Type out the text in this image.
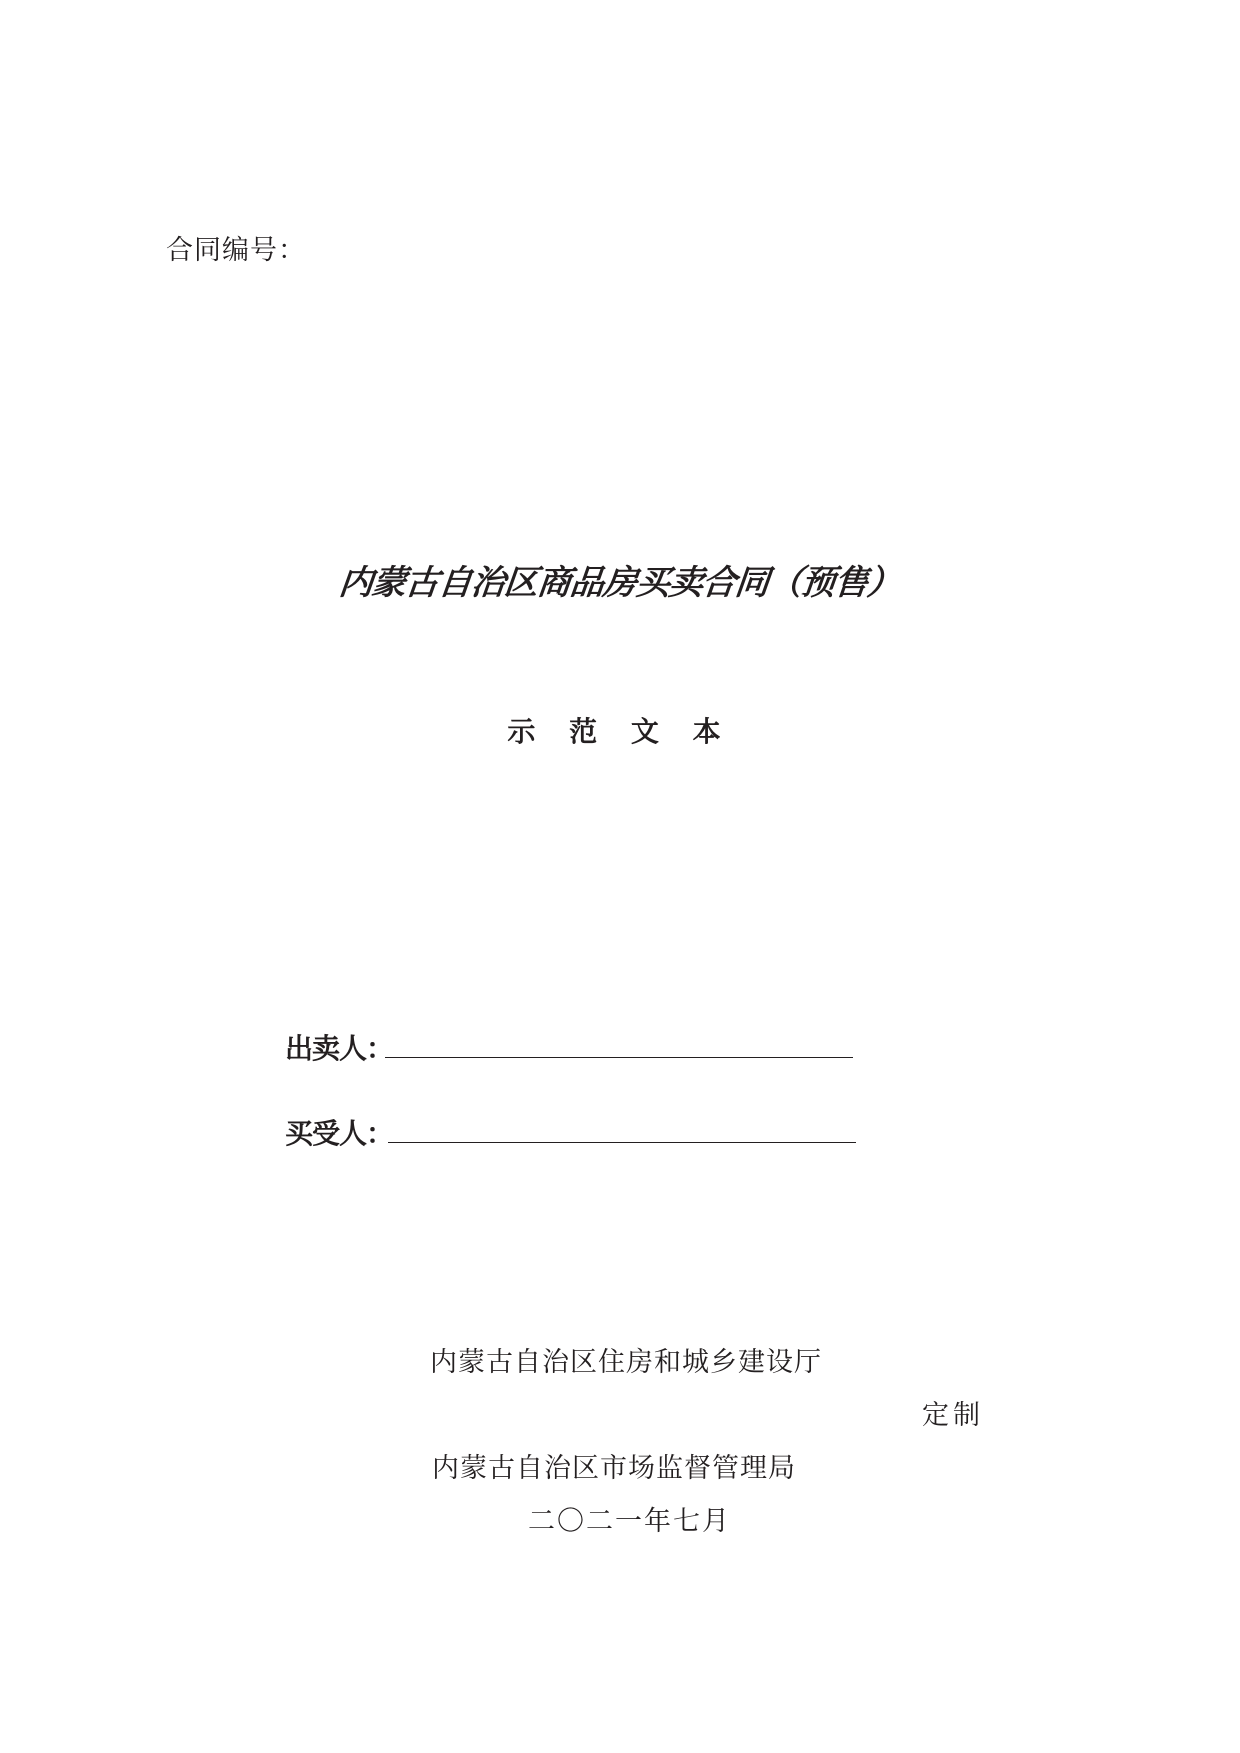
合同编号：
内蒙古自治区商品房买卖合同（预售）
示 范 文 本
出卖人：
买受人：
内蒙古自治区住房和城乡建设厅
定制
内蒙古自治区市场监督管理局
二〇二一年七月
